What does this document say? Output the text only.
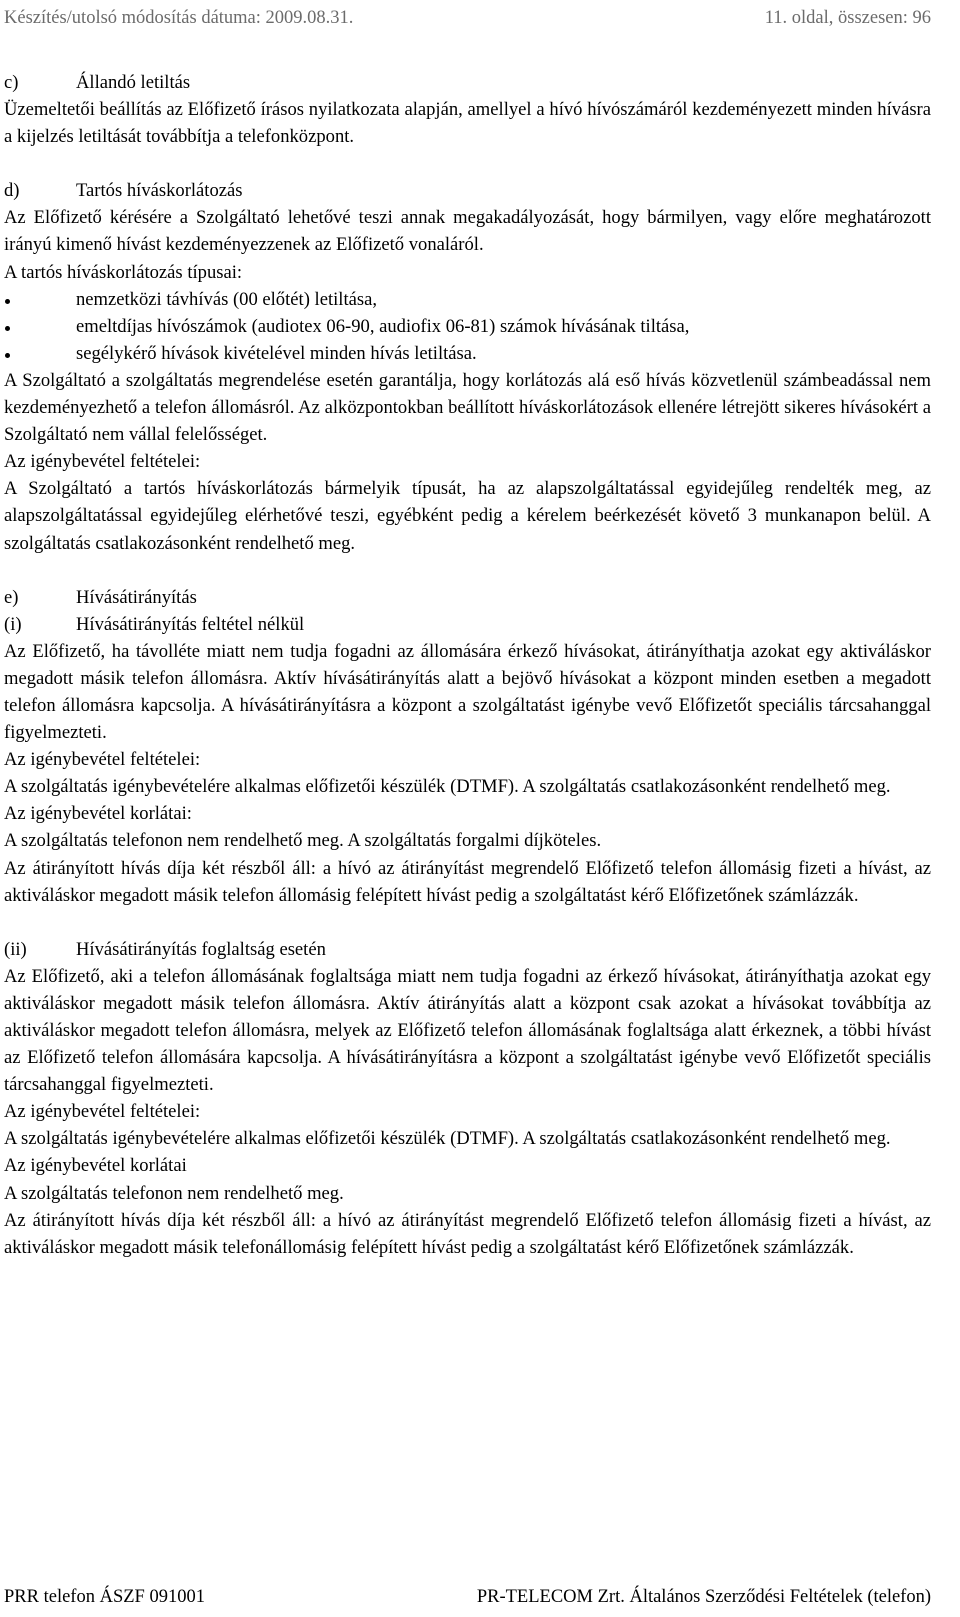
Készítés/utolsó módosítás dátuma: 2009.08.31.	11. oldal, összesen: 96
c)	Állandó letiltás

Üzemeltetői beállítás az Előfizető írásos nyilatkozata alapján, amellyel a hívó hívószámáról kezdeményezett minden hívásra a kijelzés letiltását továbbítja a telefonközpont.

d)	Tartós híváskorlátozás

Az Előfizető kérésére a Szolgáltató lehetővé teszi annak megakadályozását, hogy bármilyen, vagy előre meghatározott irányú kimenő hívást kezdeményezzenek az Előfizető vonaláról.

A tartós híváskorlátozás típusai:

nemzetközi távhívás (00 előtét) letiltása,
emeltdíjas hívószámok (audiotex 06-90, audiofix 06-81) számok hívásának tiltása,
segélykérő hívások kivételével minden hívás letiltása.

A Szolgáltató a szolgáltatás megrendelése esetén garantálja, hogy korlátozás alá eső hívás közvetlenül számbeadással nem kezdeményezhető a telefon állomásról. Az alközpontokban beállított híváskorlátozások ellenére létrejött sikeres hívásokért a Szolgáltató nem vállal felelősséget.

Az igénybevétel feltételei:

A Szolgáltató a tartós híváskorlátozás bármelyik típusát, ha az alapszolgáltatással egyidejűleg rendelték meg, az alapszolgáltatással egyidejűleg elérhetővé teszi, egyébként pedig a kérelem beérkezését követő 3 munkanapon belül. A szolgáltatás csatlakozásonként rendelhető meg.

e)	Hívásátirányítás
(i)	Hívásátirányítás feltétel nélkül

Az Előfizető, ha távolléte miatt nem tudja fogadni az állomására érkező hívásokat, átirányíthatja azokat egy aktiváláskor megadott másik telefon állomásra. Aktív hívásátirányítás alatt a bejövő hívásokat a központ minden esetben a megadott telefon állomásra kapcsolja. A hívásátirányításra a központ a szolgáltatást igénybe vevő Előfizetőt speciális tárcsahanggal figyelmezteti.

Az igénybevétel feltételei:

A szolgáltatás igénybevételére alkalmas előfizetői készülék (DTMF). A szolgáltatás csatlakozásonként rendelhető meg.

Az igénybevétel korlátai:

A szolgáltatás telefonon nem rendelhető meg. A szolgáltatás forgalmi díjköteles.

Az átirányított hívás díja két részből áll: a hívó az átirányítást megrendelő Előfizető telefon állomásig fizeti a hívást, az aktiváláskor megadott másik telefon állomásig felépített hívást pedig a szolgáltatást kérő Előfizetőnek számlázzák.

(ii)	Hívásátirányítás foglaltság esetén

Az Előfizető, aki a telefon állomásának foglaltsága miatt nem tudja fogadni az érkező hívásokat, átirányíthatja azokat egy aktiváláskor megadott másik telefon állomásra. Aktív átirányítás alatt a központ csak azokat a hívásokat továbbítja az aktiváláskor megadott telefon állomásra, melyek az Előfizető telefon állomásának foglaltsága alatt érkeznek, a többi hívást az Előfizető telefon állomására kapcsolja. A hívásátirányításra a központ a szolgáltatást igénybe vevő Előfizetőt speciális tárcsahanggal figyelmezteti.

Az igénybevétel feltételei:

A szolgáltatás igénybevételére alkalmas előfizetői készülék (DTMF). A szolgáltatás csatlakozásonként rendelhető meg.

Az igénybevétel korlátai

A szolgáltatás telefonon nem rendelhető meg.

Az átirányított hívás díja két részből áll: a hívó az átirányítást megrendelő Előfizető telefon állomásig fizeti a hívást, az aktiváláskor megadott másik telefonállomásig felépített hívást pedig a szolgáltatást kérő Előfizetőnek számlázzák.

PRR telefon ÁSZF 091001	PR-TELECOM Zrt. Általános Szerződési Feltételek (telefon)
